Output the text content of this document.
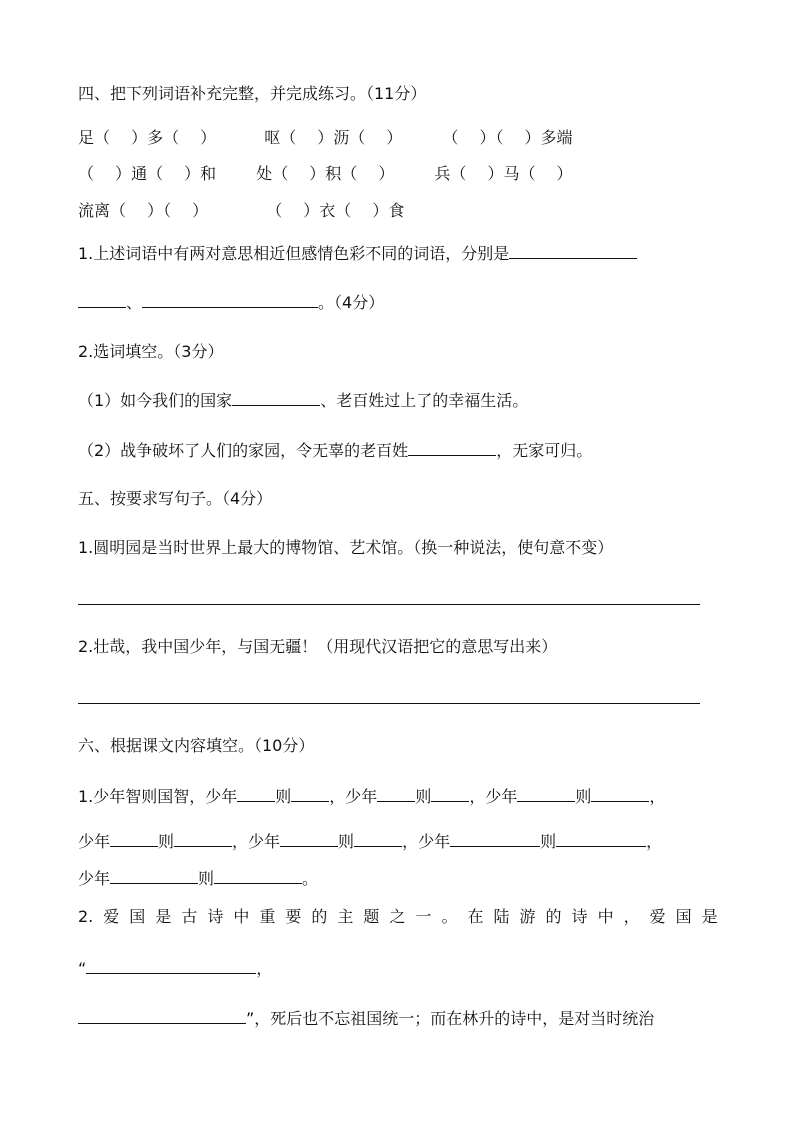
四、把下列词语补充完整，并完成练习。（11分）
足（　 ）多（　 ）	呕（　 ）沥（　 ）	（　 ）（　 ）多端
（　 ）通（　 ）和	处（　 ）积（　 ）	兵（　 ）马（　 ）
流离（　 ）（　 ）	（　 ）衣（　 ）食
1.上述词语中有两对意思相近但感情色彩不同的词语，分别是
、	。（4分）
2.选词填空。（3分）
（1）如今我们的国家	、老百姓过上了的幸福生活。
（2）战争破坏了人们的家园，令无辜的老百姓	，无家可归。
五、按要求写句子。（4分）
1.圆明园是当时世界上最大的博物馆、艺术馆。（换一种说法，使句意不变）
2.壮哉，我中国少年，与国无疆！（用现代汉语把它的意思写出来）
六、根据课文内容填空。（10分）
1.少年智则国智，少年 则 ，少年 则 ，少年	则	，
少年	则	，少年	则	，少年	则	，
少年	则	。
2. 爱 国 是 古 诗 中 重 要 的 主 题 之 一 。 在 陆 游 的 诗 中 ， 爱 国 是
“	，
”，死后也不忘祖国统一；而在林升的诗中，是对当时统治
